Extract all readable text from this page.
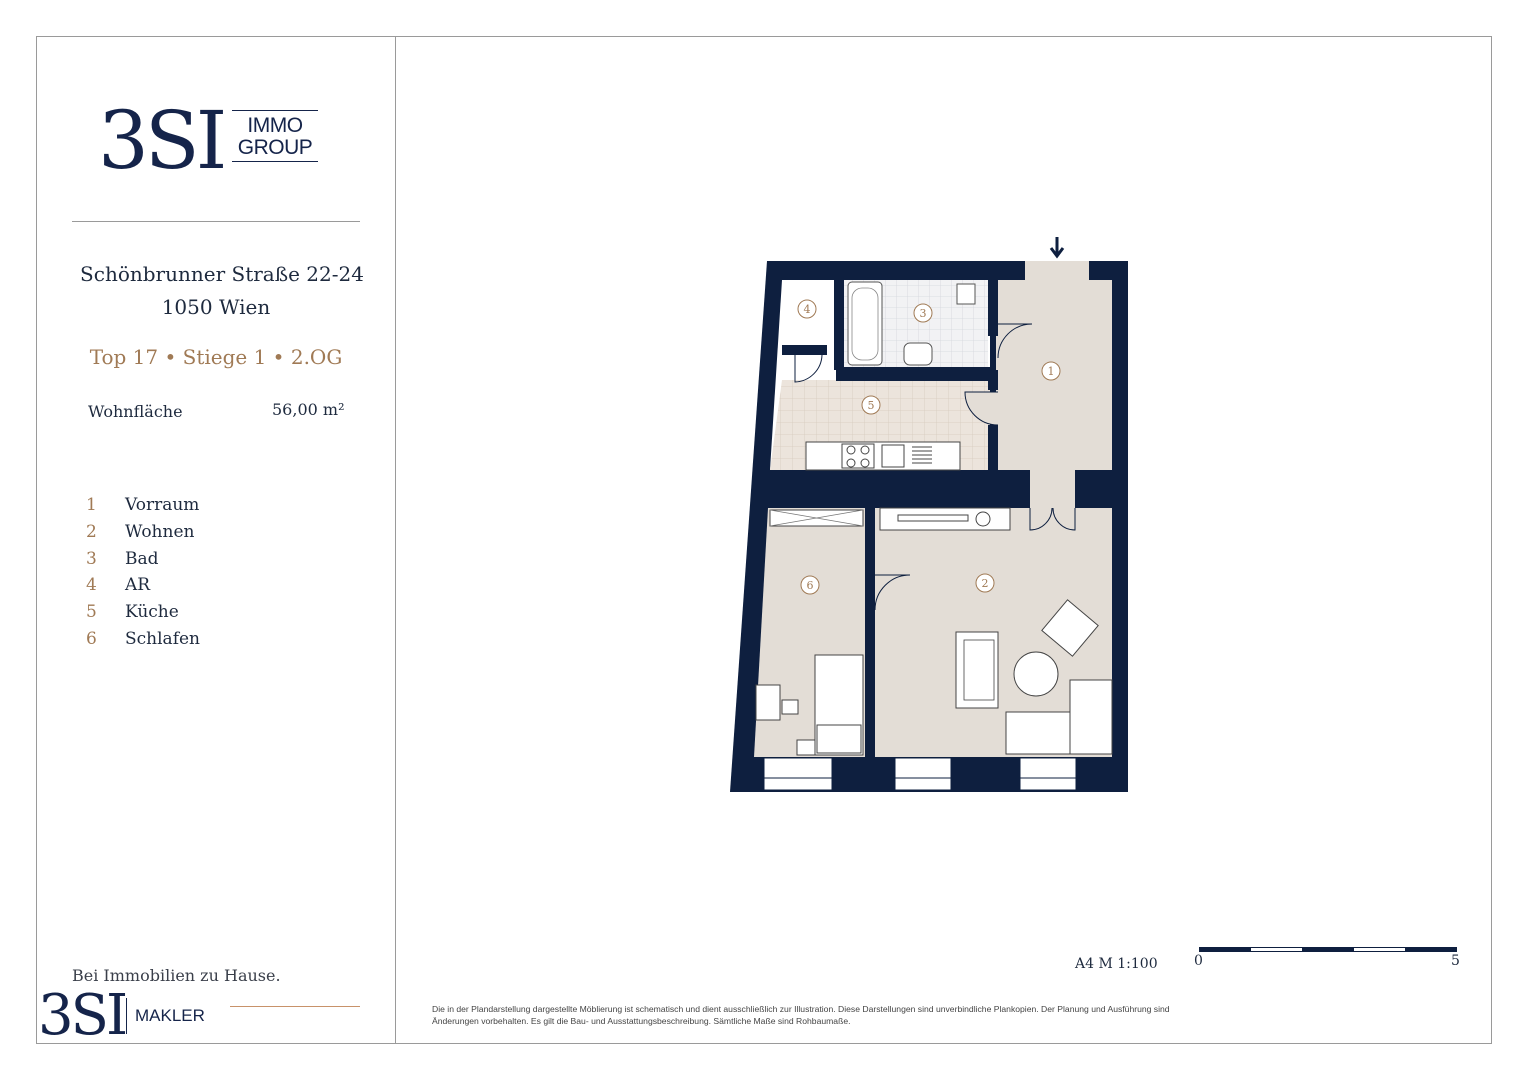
3SI	IMMO
GROUP
Schönbrunner Straße 22-24
1050 Wien
Top 17 • Stiege 1 • 2.OG
Wohnfläche	56,00 m²
1	Vorraum
2	Wohnen
3	Bad
4	AR
5	Küche
6	Schlafen
Bei Immobilien zu Hause.
3SI MAKLER
1
2
3
4
5
6
A4 M 1:100	0	5
Die in der Plandarstellung dargestellte Möblierung ist schematisch und dient ausschließlich zur Illustration. Diese Darstellungen sind unverbindliche Plankopien. Der Planung und Ausführung sind Änderungen vorbehalten. Es gilt die Bau- und Ausstattungsbeschreibung. Sämtliche Maße sind Rohbaumaße.
